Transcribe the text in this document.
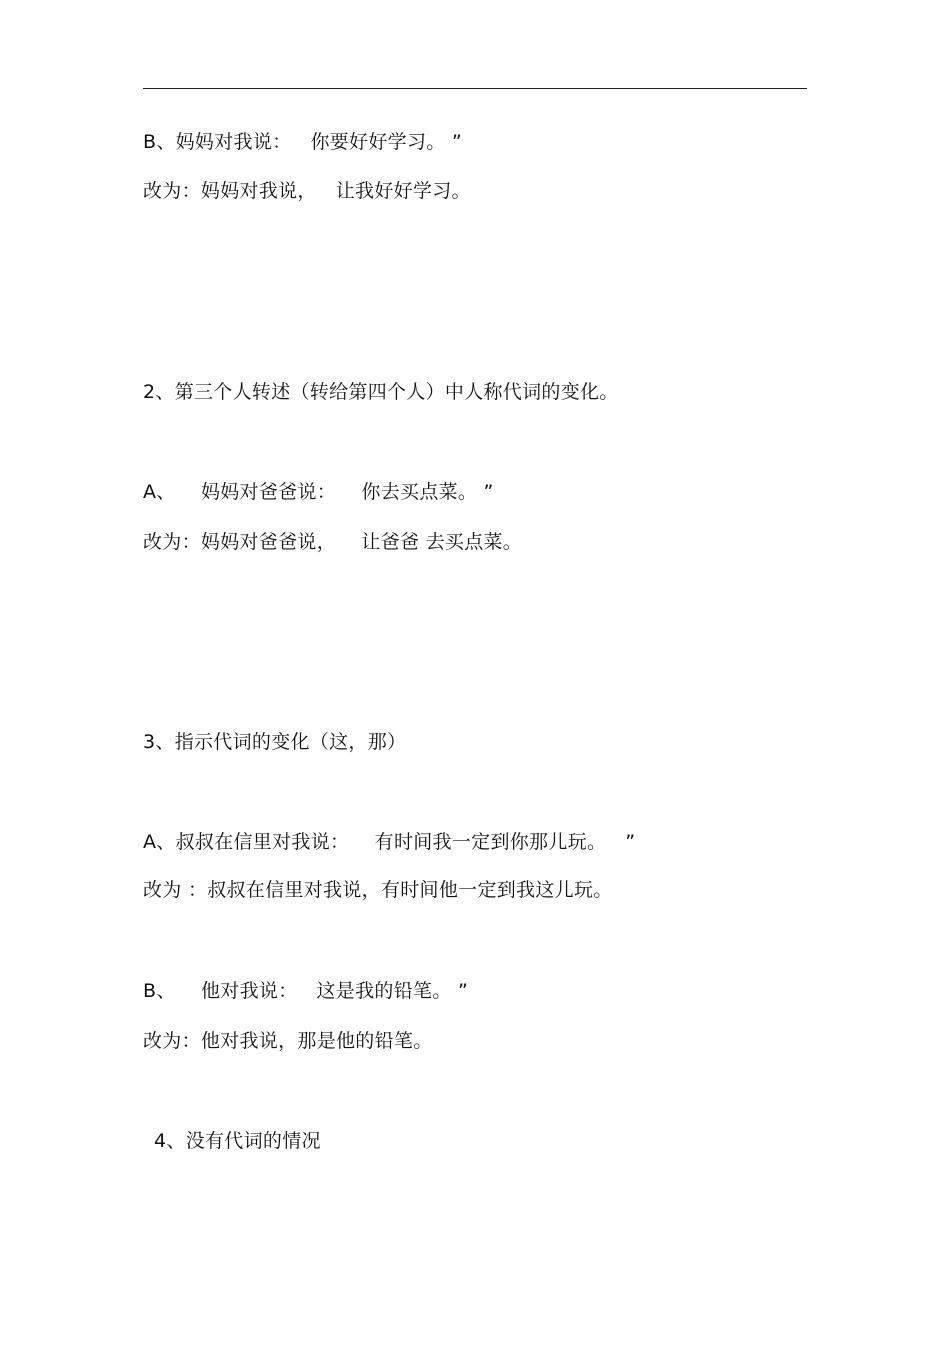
B、妈妈对我说：   你要好好学习。 ”
改为：妈妈对我说，   让我好好学习。
2、第三个人转述（转给第四个人）中人称代词的变化。
A、    妈妈对爸爸说：    你去买点菜。 ”
改为：妈妈对爸爸说，    让爸爸 去买点菜。
3、指示代词的变化（这，那）
A、叔叔在信里对我说：    有时间我一定到你那儿玩。   ”
改为 ：叔叔在信里对我说，有时间他一定到我这儿玩。
B、    他对我说：   这是我的铅笔。 ”
改为：他对我说，那是他的铅笔。
4、没有代词的情况
